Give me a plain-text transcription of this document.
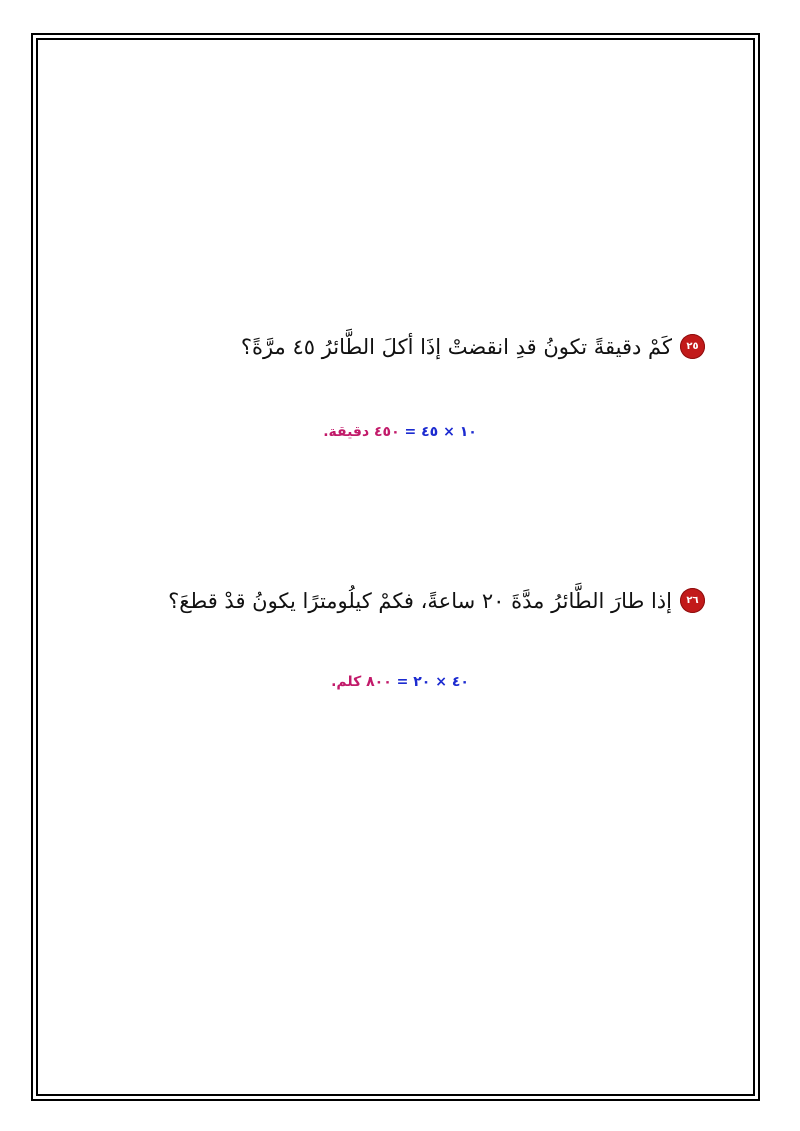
٢٥
كَمْ دقيقةً تكونُ قدِ انقضتْ إذَا أكلَ الطَّائرُ ٤٥ مرَّةً؟
١٠ × ٤٥ = ٤٥٠ دقيقة.
٢٦
إذا طارَ الطَّائرُ مدَّةَ ٢٠ ساعةً، فكمْ كيلُومترًا يكونُ قدْ قطعَ؟
٤٠ × ٢٠ = ٨٠٠ كلم.
